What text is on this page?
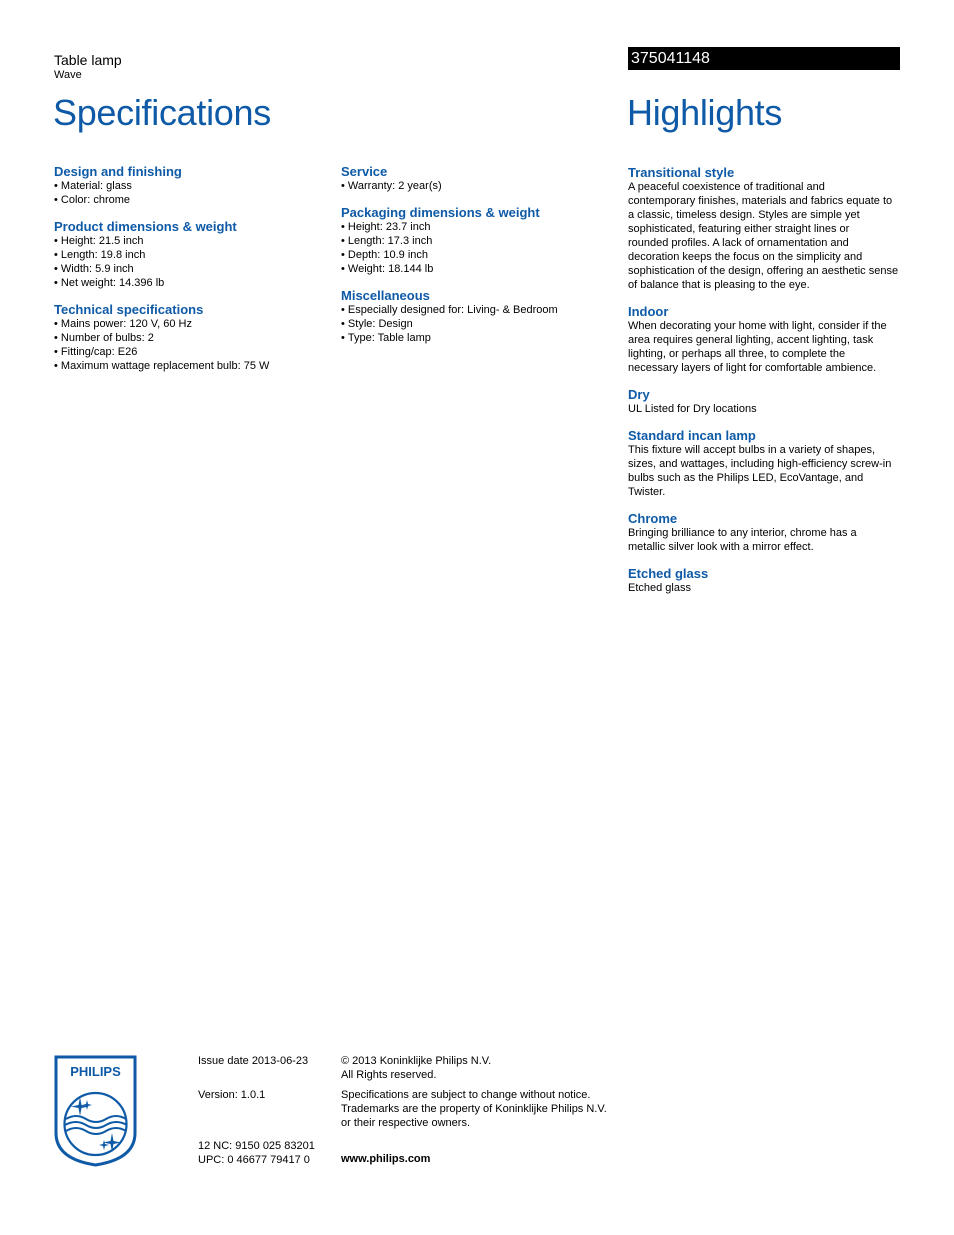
Table lamp
Wave
375041148
Specifications	Highlights
Design and finishing
• Material: glass
• Color: chrome
Product dimensions & weight
• Height: 21.5 inch
• Length: 19.8 inch
• Width: 5.9 inch
• Net weight: 14.396 lb
Technical specifications
• Mains power: 120 V, 60 Hz
• Number of bulbs: 2
• Fitting/cap: E26
• Maximum wattage replacement bulb: 75 W
Service
• Warranty: 2 year(s)
Packaging dimensions & weight
• Height: 23.7 inch
• Length: 17.3 inch
• Depth: 10.9 inch
• Weight: 18.144 lb
Miscellaneous
• Especially designed for: Living- & Bedroom
• Style: Design
• Type: Table lamp
Transitional style

A peaceful coexistence of traditional and

contemporary finishes, materials and fabrics equate to

a classic, timeless design. Styles are simple yet

sophisticated, featuring either straight lines or

rounded profiles. A lack of ornamentation and

decoration keeps the focus on the simplicity and

sophistication of the design, offering an aesthetic sense

of balance that is pleasing to the eye.

Indoor

When decorating your home with light, consider if the

area requires general lighting, accent lighting, task

lighting, or perhaps all three, to complete the

necessary layers of light for comfortable ambience.

Dry

UL Listed for Dry locations

Standard incan lamp

This fixture will accept bulbs in a variety of shapes,

sizes, and wattages, including high-efficiency screw-in

bulbs such as the Philips LED, EcoVantage, and

Twister.

Chrome

Bringing brilliance to any interior, chrome has a

metallic silver look with a mirror effect.

Etched glass

Etched glass

PHILIPS
Issue date 2013-06-23
Version: 1.0.1
12 NC: 9150 025 83201
UPC: 0 46677 79417 0
© 2013 Koninklijke Philips N.V.
All Rights reserved.
Specifications are subject to change without notice.
Trademarks are the property of Koninklijke Philips N.V.
or their respective owners.
www.philips.com
